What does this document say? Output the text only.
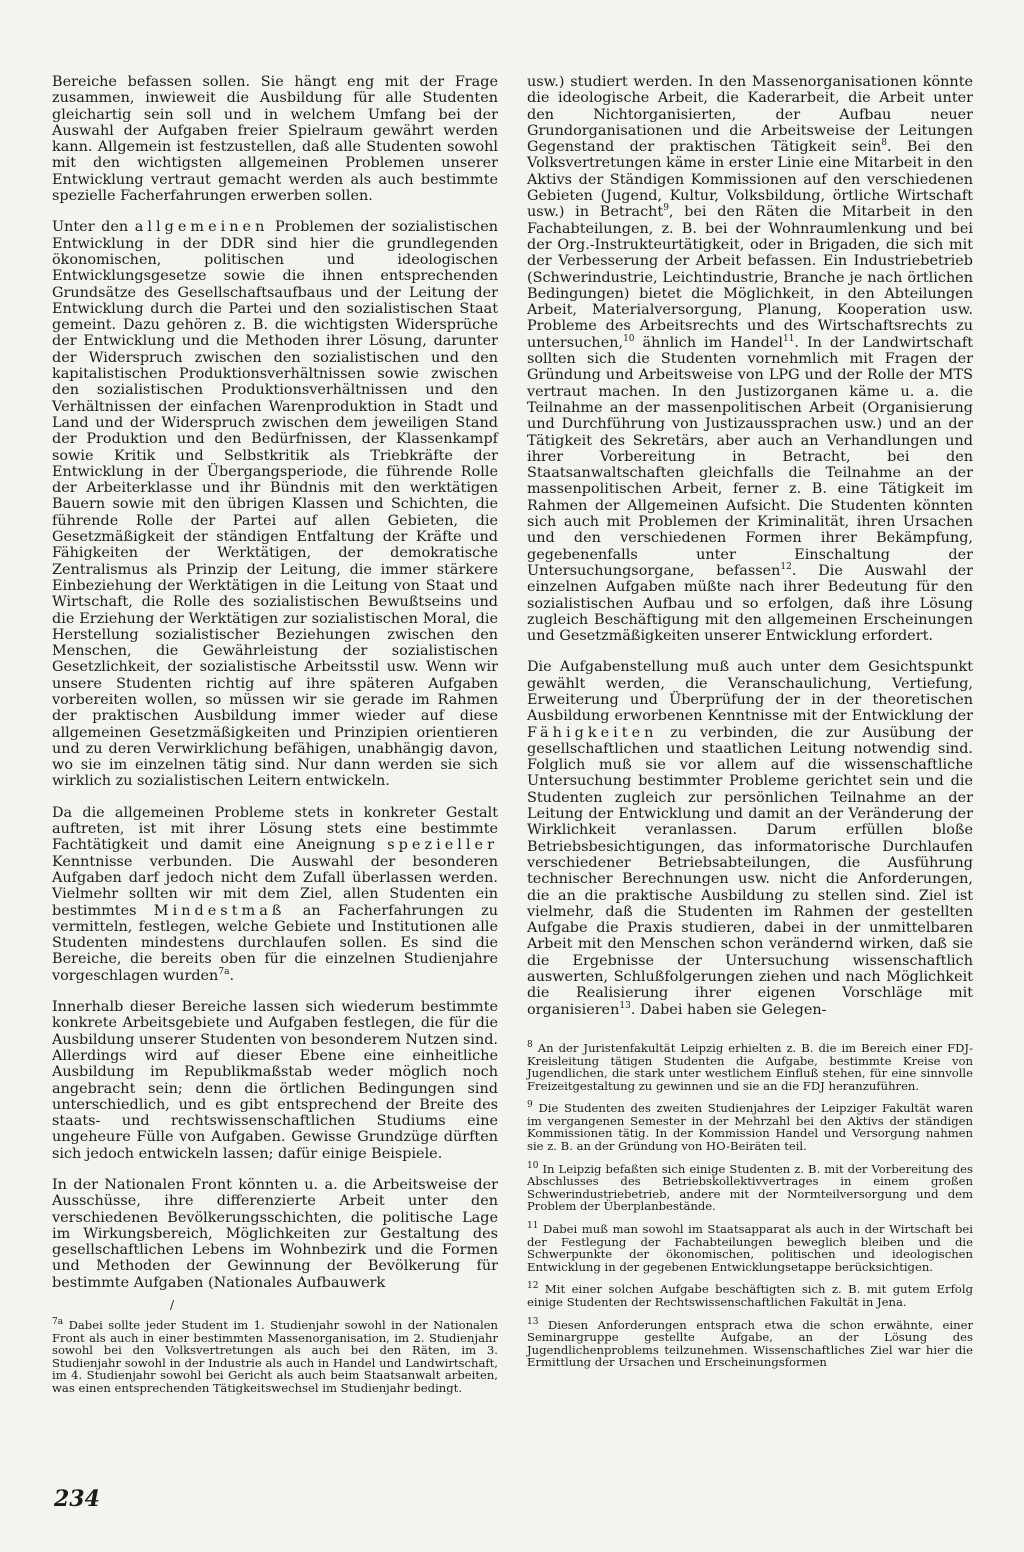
Bereiche befassen sollen. Sie hängt eng mit der Frage zusammen, inwieweit die Ausbildung für alle Studenten gleichartig sein soll und in welchem Umfang bei der Auswahl der Aufgaben freier Spielraum gewährt werden kann. Allgemein ist festzustellen, daß alle Studenten sowohl mit den wichtigsten allgemeinen Problemen unserer Entwicklung vertraut gemacht werden als auch bestimmte spezielle Facherfahrungen erwerben sollen.

Unter den allgemeinen Problemen der sozialistischen Entwicklung in der DDR sind hier die grundlegenden ökonomischen, politischen und ideologischen Entwicklungsgesetze sowie die ihnen entsprechenden Grundsätze des Gesellschaftsaufbaus und der Leitung der Entwicklung durch die Partei und den sozialistischen Staat gemeint. Dazu gehören z. B. die wichtigsten Widersprüche der Entwicklung und die Methoden ihrer Lösung, darunter der Widerspruch zwischen den sozialistischen und den kapitalistischen Produktionsverhältnissen sowie zwischen den sozialistischen Produktionsverhältnissen und den Verhältnissen der einfachen Warenproduktion in Stadt und Land und der Widerspruch zwischen dem jeweiligen Stand der Produktion und den Bedürfnissen, der Klassenkampf sowie Kritik und Selbstkritik als Triebkräfte der Entwicklung in der Übergangsperiode, die führende Rolle der Arbeiterklasse und ihr Bündnis mit den werktätigen Bauern sowie mit den übrigen Klassen und Schichten, die führende Rolle der Partei auf allen Gebieten, die Gesetzmäßigkeit der ständigen Entfaltung der Kräfte und Fähigkeiten der Werktätigen, der demokratische Zentralismus als Prinzip der Leitung, die immer stärkere Einbeziehung der Werktätigen in die Leitung von Staat und Wirtschaft, die Rolle des sozialistischen Bewußtseins und die Erziehung der Werktätigen zur sozialistischen Moral, die Herstellung sozialistischer Beziehungen zwischen den Menschen, die Gewährleistung der sozialistischen Gesetzlichkeit, der sozialistische Arbeitsstil usw. Wenn wir unsere Studenten richtig auf ihre späteren Aufgaben vorbereiten wollen, so müssen wir sie gerade im Rahmen der praktischen Ausbildung immer wieder auf diese allgemeinen Gesetzmäßigkeiten und Prinzipien orientieren und zu deren Verwirklichung befähigen, unabhängig davon, wo sie im einzelnen tätig sind. Nur dann werden sie sich wirklich zu sozialistischen Leitern entwickeln.

Da die allgemeinen Probleme stets in konkreter Gestalt auftreten, ist mit ihrer Lösung stets eine bestimmte Fachtätigkeit und damit eine Aneignung spezieller Kenntnisse verbunden. Die Auswahl der besonderen Aufgaben darf jedoch nicht dem Zufall überlassen werden. Vielmehr sollten wir mit dem Ziel, allen Studenten ein bestimmtes Mindestmaß an Facherfahrungen zu vermitteln, festlegen, welche Gebiete und Institutionen alle Studenten mindestens durchlaufen sollen. Es sind die Bereiche, die bereits oben für die einzelnen Studienjahre vorgeschlagen wurden$^{7a}$.

Innerhalb dieser Bereiche lassen sich wiederum bestimmte konkrete Arbeitsgebiete und Aufgaben festlegen, die für die Ausbildung unserer Studenten von besonderem Nutzen sind. Allerdings wird auf dieser Ebene eine einheitliche Ausbildung im Republikmaßstab weder möglich noch angebracht sein; denn die örtlichen Bedingungen sind unterschiedlich, und es gibt entsprechend der Breite des staats- und rechtswissenschaftlichen Studiums eine ungeheure Fülle von Aufgaben. Gewisse Grundzüge dürften sich jedoch entwickeln lassen; dafür einige Beispiele.

In der Nationalen Front könnten u. a. die Arbeitsweise der Ausschüsse, ihre differenzierte Arbeit unter den verschiedenen Bevölkerungsschichten, die politische Lage im Wirkungsbereich, Möglichkeiten zur Gestaltung des gesellschaftlichen Lebens im Wohnbezirk und die Formen und Methoden der Gewinnung der Bevölkerung für bestimmte Aufgaben (Nationales Aufbauwerk

/

$^{7a}$ Dabei sollte jeder Student im 1. Studienjahr sowohl in der Nationalen Front als auch in einer bestimmten Massenorganisation, im 2. Studienjahr sowohl bei den Volksvertretungen als auch bei den Räten, im 3. Studienjahr sowohl in der Industrie als auch in Handel und Landwirtschaft, im 4. Studienjahr sowohl bei Gericht als auch beim Staatsanwalt arbeiten, was einen entsprechenden Tätigkeitswechsel im Studienjahr bedingt.

usw.) studiert werden. In den Massenorganisationen könnte die ideologische Arbeit, die Kaderarbeit, die Arbeit unter den Nichtorganisierten, der Aufbau neuer Grundorganisationen und die Arbeitsweise der Leitungen Gegenstand der praktischen Tätigkeit sein$^8$. Bei den Volksvertretungen käme in erster Linie eine Mitarbeit in den Aktivs der Ständigen Kommissionen auf den verschiedenen Gebieten (Jugend, Kultur, Volksbildung, örtliche Wirtschaft usw.) in Betracht$^9$, bei den Räten die Mitarbeit in den Fachabteilungen, z. B. bei der Wohnraumlenkung und bei der Org.-Instrukteurtätigkeit, oder in Brigaden, die sich mit der Verbesserung der Arbeit befassen. Ein Industriebetrieb (Schwerindustrie, Leichtindustrie, Branche je nach örtlichen Bedingungen) bietet die Möglichkeit, in den Abteilungen Arbeit, Materialversorgung, Planung, Kooperation usw. Probleme des Arbeitsrechts und des Wirtschaftsrechts zu untersuchen,$^{10}$ ähnlich im Handel$^{11}$. In der Landwirtschaft sollten sich die Studenten vornehmlich mit Fragen der Gründung und Arbeitsweise von LPG und der Rolle der MTS vertraut machen. In den Justizorganen käme u. a. die Teilnahme an der massenpolitischen Arbeit (Organisierung und Durchführung von Justizaussprachen usw.) und an der Tätigkeit des Sekretärs, aber auch an Verhandlungen und ihrer Vorbereitung in Betracht, bei den Staatsanwaltschaften gleichfalls die Teilnahme an der massenpolitischen Arbeit, ferner z. B. eine Tätigkeit im Rahmen der Allgemeinen Aufsicht. Die Studenten könnten sich auch mit Problemen der Kriminalität, ihren Ursachen und den verschiedenen Formen ihrer Bekämpfung, gegebenenfalls unter Einschaltung der Untersuchungsorgane, befassen$^{12}$. Die Auswahl der einzelnen Aufgaben müßte nach ihrer Bedeutung für den sozialistischen Aufbau und so erfolgen, daß ihre Lösung zugleich Beschäftigung mit den allgemeinen Erscheinungen und Gesetzmäßigkeiten unserer Entwicklung erfordert.

Die Aufgabenstellung muß auch unter dem Gesichtspunkt gewählt werden, die Veranschaulichung, Vertiefung, Erweiterung und Überprüfung der in der theoretischen Ausbildung erworbenen Kenntnisse mit der Entwicklung der Fähigkeiten zu verbinden, die zur Ausübung der gesellschaftlichen und staatlichen Leitung notwendig sind. Folglich muß sie vor allem auf die wissenschaftliche Untersuchung bestimmter Probleme gerichtet sein und die Studenten zugleich zur persönlichen Teilnahme an der Leitung der Entwicklung und damit an der Veränderung der Wirklichkeit veranlassen. Darum erfüllen bloße Betriebsbesichtigungen, das informatorische Durchlaufen verschiedener Betriebsabteilungen, die Ausführung technischer Berechnungen usw. nicht die Anforderungen, die an die praktische Ausbildung zu stellen sind. Ziel ist vielmehr, daß die Studenten im Rahmen der gestellten Aufgabe die Praxis studieren, dabei in der unmittelbaren Arbeit mit den Menschen schon verändernd wirken, daß sie die Ergebnisse der Untersuchung wissenschaftlich auswerten, Schlußfolgerungen ziehen und nach Möglichkeit die Realisierung ihrer eigenen Vorschläge mit organisieren$^{13}$. Dabei haben sie Gelegen-

$^8$ An der Juristenfakultät Leipzig erhielten z. B. die im Bereich einer FDJ-Kreisleitung tätigen Studenten die Aufgabe, bestimmte Kreise von Jugendlichen, die stark unter westlichem Einfluß stehen, für eine sinnvolle Freizeitgestaltung zu gewinnen und sie an die FDJ heranzuführen.

$^9$ Die Studenten des zweiten Studienjahres der Leipziger Fakultät waren im vergangenen Semester in der Mehrzahl bei den Aktivs der ständigen Kommissionen tätig. In der Kommission Handel und Versorgung nahmen sie z. B. an der Gründung von HO-Beiräten teil.

$^{10}$ In Leipzig befaßten sich einige Studenten z. B. mit der Vorbereitung des Abschlusses des Betriebskollektivvertrages in einem großen Schwerindustriebetrieb, andere mit der Normteilversorgung und dem Problem der Überplanbestände.

$^{11}$ Dabei muß man sowohl im Staatsapparat als auch in der Wirtschaft bei der Festlegung der Fachabteilungen beweglich bleiben und die Schwerpunkte der ökonomischen, politischen und ideologischen Entwicklung in der gegebenen Entwicklungsetappe berücksichtigen.

$^{12}$ Mit einer solchen Aufgabe beschäftigten sich z. B. mit gutem Erfolg einige Studenten der Rechtswissenschaftlichen Fakultät in Jena.

$^{13}$ Diesen Anforderungen entsprach etwa die schon erwähnte, einer Seminargruppe gestellte Aufgabe, an der Lösung des Jugendlichenproblems teilzunehmen. Wissenschaftliches Ziel war hier die Ermittlung der Ursachen und Erscheinungsformen

234
